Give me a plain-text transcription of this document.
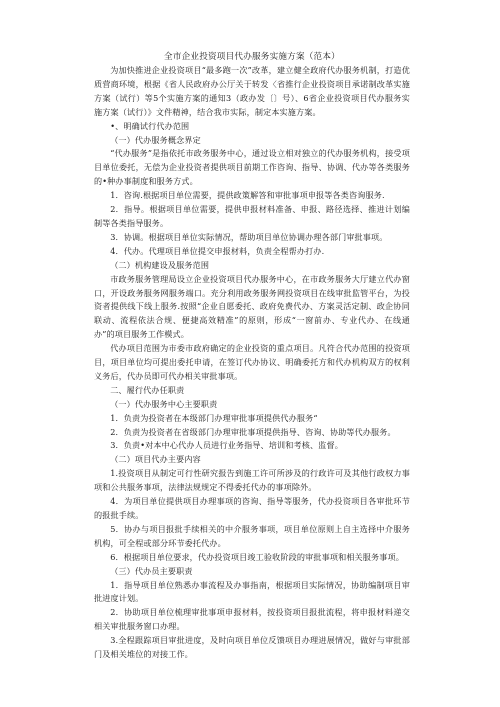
全市企业投资项目代办服务实施方案（范本）
为加快推进企业投资项目“最多跑一次”改革，建立健全政府代办服务机制，打造优质营商环境，根据《省人民政府办公厅关于转发〈省推行企业投资项目承诺制改革实施方案（试行）等5个实施方案的通知3（政办发〔〕号）、6省企业投资项目代办服务实施方案（试行）》文件精神，结合我市实际，制定本实施方案。
•、明确试行代办范围
（一）代办服务概念界定
“代办服务”是指依托市政务服务中心，通过设立相对独立的代办服务机构，接受项目单位委托，无偿为企业投资者提供项目前期工作咨询、指导、协调、代办等各类服务的•种办事制度和服务方式。
1．咨询.根据项目单位需要，提供政策解答和审批事项申报等各类咨询服务.
2．指导。根据项目单位需要，提供申报材料准备、申报、路径选择、推进计划编制等各类指导服务。
3．协调。根据项目单位实际情况，帮助项目单位协调办理各部门审批事项。
4．代办。代理项目单位提交申报材料，负责全程帮办打办.
（二）机构建设及服务范围
市政务服务管理局设立企业投资项目代办服务中心，在市政务服务大厅建立代办窗口，开设政务服务网服务端口。充分利用政务服务网投资项目在线审批监管平台，为投资者提供线下线上服务.按照“企业自愿委托、政府免费代办、方案灵活定制、政企协同联动、流程依法合规、便捷高效精准”的原则，形成“一窗前办、专业代办、在线通办”的项目服务工作模式。
代办项目范围为市委市政府确定的企业投资的重点项目。凡符合代办范围的投资项目，项目单位均可提出委托申请，在签订代办协议、明确委托方和代办机构双方的权利义务后，代办员即可代办相关审批事项。
二、履行代办任职责
（一）代办服务中心主要职责
1．负责为投资者在本级部门办理审批事项提供代办服务“
2．负责为投资者在省级部门办理审批事项提供指导、咨询、协助等代办服务。
3．负责•对本中心代办人员进行业务指导、培训和考核、监督。
（二）项目代办主要内容
1.投资项目从制定可行性研究报告到施工许可所涉及的行政许可及其他行政权力事项和公共服务事项，法律法规规定不得委托代办的事项除外。
4．为项目单位提供项目办理事项的咨询、指导等服务，代办投资项目各审批环节的报批手续。
5．协办与项目报批手续相关的中介服务事项，项目单位原则上自主选择中介服务机构，可全程或部分环节委托代办。
6．根据项目单位要求，代办投资项目竣工验收阶段的审批事项和相关服务事项。
（三）代办员主要职责
1．指导项目单位熟悉办事流程及办事指南，根据项目实际情况，协助编制项目审批进度计划。
2．协助项目单位梳理审批事项申报材料，按投资项目报批流程，将申报材料递交相关审批服务窗口办理。
3.全程跟踪项目审批进度，及时向项目单位反馈项目办理进展情况，做好与审批部门及相关堆位的对接工作。
